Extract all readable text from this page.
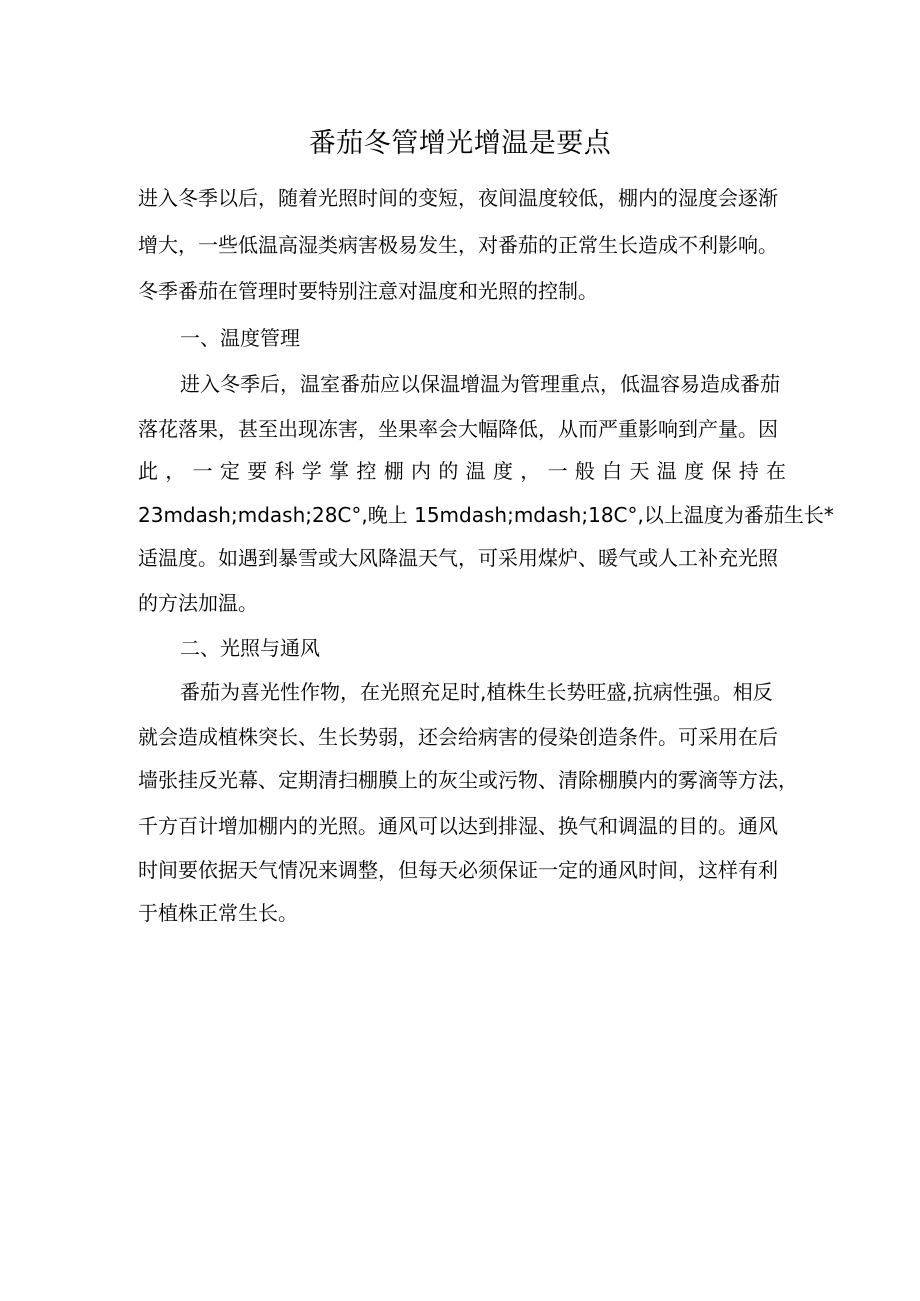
番茄冬管增光增温是要点
进入冬季以后，随着光照时间的变短，夜间温度较低，棚内的湿度会逐渐
增大，一些低温高湿类病害极易发生，对番茄的正常生长造成不利影响。
冬季番茄在管理时要特别注意对温度和光照的控制。
一、温度管理
进入冬季后，温室番茄应以保温增温为管理重点，低温容易造成番茄
落花落果，甚至出现冻害，坐果率会大幅降低，从而严重影响到产量。因
此，一定要科学掌控棚内的温度，一般白天温度保持在
23mdash;mdash;28C°,晚上 15mdash;mdash;18C°,以上温度为番茄生长*
适温度。如遇到暴雪或大风降温天气，可采用煤炉、暖气或人工补充光照
的方法加温。
二、光照与通风
番茄为喜光性作物，在光照充足时,植株生长势旺盛,抗病性强。相反
就会造成植株突长、生长势弱，还会给病害的侵染创造条件。可采用在后
墙张挂反光幕、定期清扫棚膜上的灰尘或污物、清除棚膜内的雾滴等方法，
千方百计增加棚内的光照。通风可以达到排湿、换气和调温的目的。通风
时间要依据天气情况来调整，但每天必须保证一定的通风时间，这样有利
于植株正常生长。
